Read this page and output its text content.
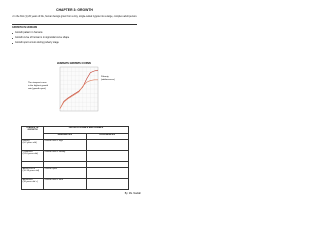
CHAPTER 3: GROWTH
• In the first (1) 20 years of life, human beings grow from a tiny, single-celled zygote into a large, complex adult person.
GROWTH IN HUMANS
Growth pattern in humans
Growth curve of human is in sigmoidal curve shape
Growth spurt occurs during puberty stage
HUMAN'S GROWTH CURVE
The steepest curve
is the highest growth
rate (growth spurt)
Puberty
(adolescence)
STAGES OF GROWTH	GROWTH IN MALE AND FEMALE	
	SIMILARITIES	DIFFERENCES
Infancy
(0-2 years old)	Growth rate is high	
Childhood
(2-10 years old)	Growth rate is steady	

Adolescence
(10-18 years old)	Growth spurt	
Adulthood
(18 years old +)	Growth rate is zero	
By: Ms. Nadiah
